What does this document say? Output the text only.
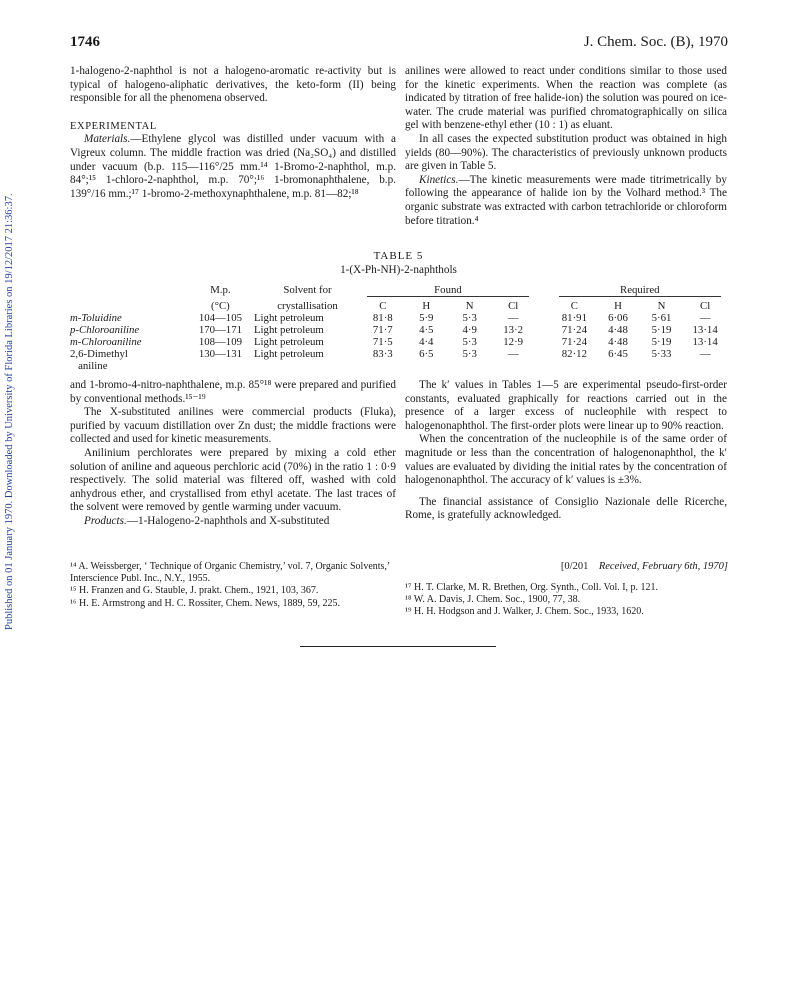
Published on 01 January 1970. Downloaded by University of Florida Libraries on 19/12/2017 21:36:37.
1746	J. Chem. Soc. (B), 1970

1-halogeno-2-naphthol is not a halogeno-aromatic re-activity but is typical of halogeno-aliphatic derivatives, the keto-form (II) being responsible for all the phenomena observed.

EXPERIMENTAL

Materials.—Ethylene glycol was distilled under vacuum with a Vigreux column. The middle fraction was dried (Na₂SO₄) and distilled under vacuum (b.p. 115—116°/25 mm.¹⁴ 1-Bromo-2-naphthol, m.p. 84°;¹⁵ 1-chloro-2-naphthol, m.p. 70°;¹⁶ 1-bromonaphthalene, b.p. 139°/16 mm.;¹⁷ 1-bromo-2-methoxynaphthalene, m.p. 81—82;¹⁸

anilines were allowed to react under conditions similar to those used for the kinetic experiments. When the reaction was complete (as indicated by titration of free halide-ion) the solution was poured on ice-water. The crude material was purified chromatographically on silica gel with benzene-ethyl ether (10 : 1) as eluant.

In all cases the expected substitution product was obtained in high yields (80—90%). The characteristics of previously unknown products are given in Table 5.

Kinetics.—The kinetic measurements were made titrimetrically by following the appearance of halide ion by the Volhard method.³ The organic substrate was extracted with carbon tetrachloride or chloroform before titration.⁴

TABLE 5
1-(X-Ph-NH)-2-naphthols
	M.p.	Solvent for	Found					Required			

	(°C)	crystallisation	C	H	N	Cl		C	H	N	Cl
m-Toluidine	104—105	Light petroleum	81·8	5·9	5·3	—		81·91	6·06	5·61	—
p-Chloroaniline	170—171	Light petroleum	71·7	4·5	4·9	13·2		71·24	4·48	5·19	13·14
m-Chloroaniline	108—109	Light petroleum	71·5	4·4	5·3	12·9		71·24	4·48	5·19	13·14
2,6-Dimethyl
aniline	130—131	Light petroleum	83·3	6·5	5·3	—		82·12	6·45	5·33	—

and 1-bromo-4-nitro-naphthalene, m.p. 85°¹⁸ were prepared and purified by conventional methods.¹⁵⁻¹⁹

The X-substituted anilines were commercial products (Fluka), purified by vacuum distillation over Zn dust; the middle fractions were collected and used for kinetic measurements.

Anilinium perchlorates were prepared by mixing a cold ether solution of aniline and aqueous perchloric acid (70%) in the ratio 1 : 0·9 respectively. The solid material was filtered off, washed with cold anhydrous ether, and crystallised from ethyl acetate. The last traces of the solvent were removed by gentle warming under vacuum.

Products.—1-Halogeno-2-naphthols and X-substituted

The k′ values in Tables 1—5 are experimental pseudo-first-order constants, evaluated graphically for reactions carried out in the presence of a larger excess of nucleophile with respect to halogenonaphthol. The first-order plots were linear up to 90% reaction.

When the concentration of the nucleophile is of the same order of magnitude or less than the concentration of halogenonaphthol, the k′ values are evaluated by dividing the initial rates by the concentration of halogenonaphthol. The accuracy of k′ values is ±3%.

The financial assistance of Consiglio Nazionale delle Ricerche, Rome, is gratefully acknowledged.

[0/201 Received, February 6th, 1970]

¹⁴ A. Weissberger, ‘ Technique of Organic Chemistry,’ vol. 7, Organic Solvents,’ Interscience Publ. Inc., N.Y., 1955.

¹⁵ H. Franzen and G. Stauble, J. prakt. Chem., 1921, 103, 367.

¹⁶ H. E. Armstrong and H. C. Rossiter, Chem. News, 1889, 59, 225.

¹⁷ H. T. Clarke, M. R. Brethen, Org. Synth., Coll. Vol. I, p. 121.

¹⁸ W. A. Davis, J. Chem. Soc., 1900, 77, 38.

¹⁹ H. H. Hodgson and J. Walker, J. Chem. Soc., 1933, 1620.
